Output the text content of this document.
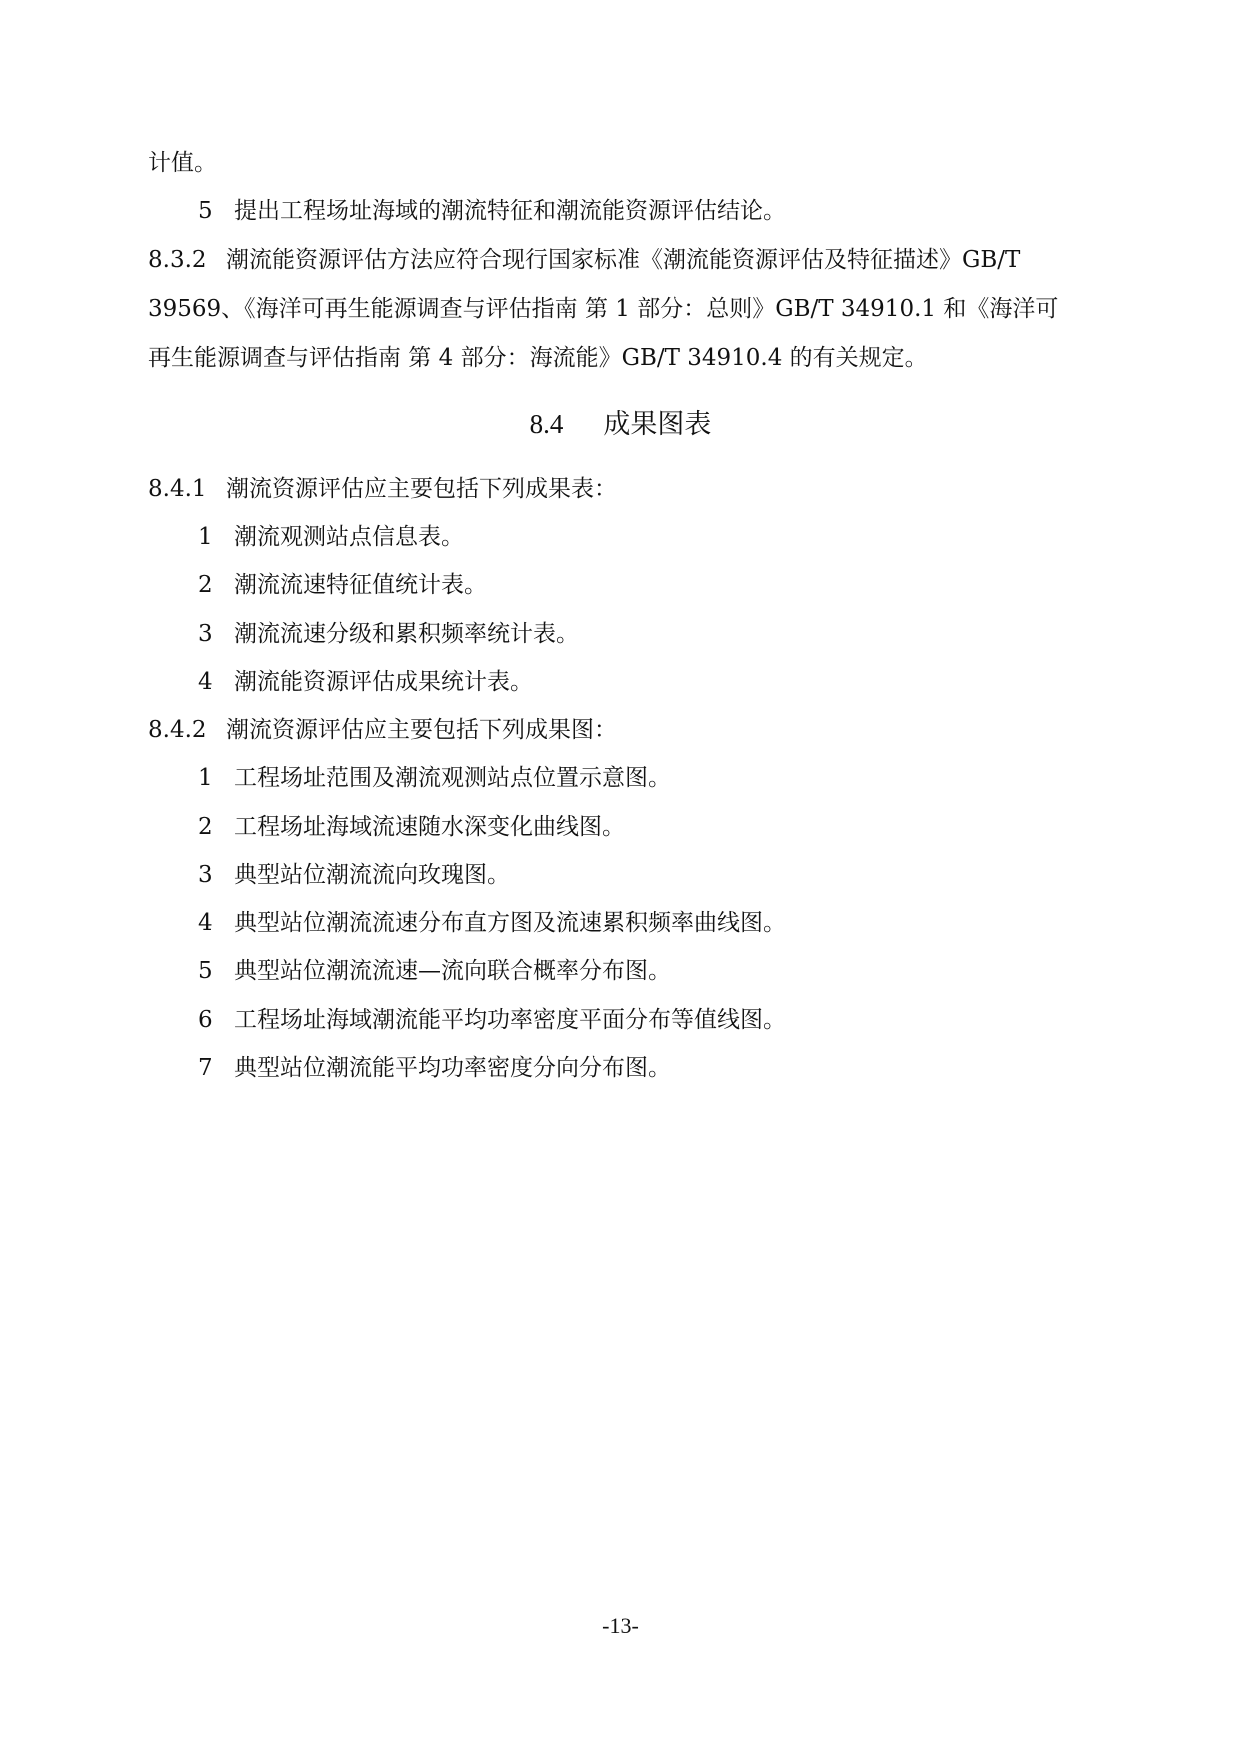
计值。
5 提出工程场址海域的潮流特征和潮流能资源评估结论。
8.3.2 潮流能资源评估方法应符合现行国家标准《潮流能资源评估及特征描述》GB/T
39569、《海洋可再生能源调查与评估指南 第 1 部分：总则》GB/T 34910.1 和《海洋可
再生能源调查与评估指南 第 4 部分：海流能》GB/T 34910.4 的有关规定。
8.4 成果图表
8.4.1 潮流资源评估应主要包括下列成果表：
1 潮流观测站点信息表。
2 潮流流速特征值统计表。
3 潮流流速分级和累积频率统计表。
4 潮流能资源评估成果统计表。
8.4.2 潮流资源评估应主要包括下列成果图：
1 工程场址范围及潮流观测站点位置示意图。
2 工程场址海域流速随水深变化曲线图。
3 典型站位潮流流向玫瑰图。
4 典型站位潮流流速分布直方图及流速累积频率曲线图。
5 典型站位潮流流速—流向联合概率分布图。
6 工程场址海域潮流能平均功率密度平面分布等值线图。
7 典型站位潮流能平均功率密度分向分布图。
-13-
